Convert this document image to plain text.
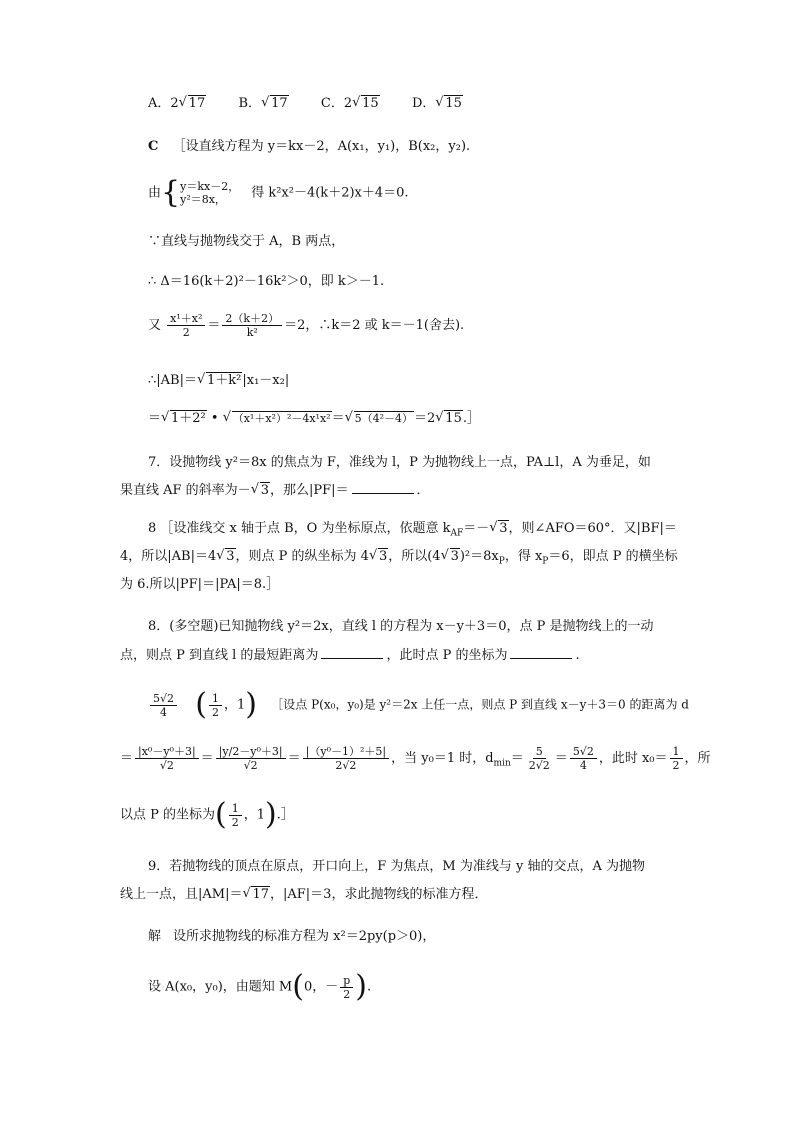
A．2√ 17	B．√ 17	C．2√ 15	D．√ 15
C ［设直线方程为 y＝kx－2，A(x₁，y₁)，B(x₂，y₂).
由{ y＝kx－2，
y²＝8x，	得 k²x²－4(k＋2)x＋4＝0.
∵直线与抛物线交于 A，B 两点，
∴ Δ＝16(k＋2)²－16k²＞0，即 k＞－1.
又 $\frac{\text{x¹＋x²}}{2} = \frac{2(k+2)}{\text{k²}} =2$，∴k＝2 或 k＝－1(舍去).
∴|AB|＝√ 1＋k²|x₁－x₂|
＝√ 1＋2² • √ （x¹＋x²）²－4x¹x²＝√ 5（4²－4）＝2√ 15.］
7．设抛物线 y²＝8x 的焦点为 F，准线为 l，P 为抛物线上一点，PA⊥l，A 为垂足，如
果直线 AF 的斜率为－√ 3，那么|PF|＝	．
8 ［设准线交 x 轴于点 B，O 为坐标原点，依题意 $k_{AF}=-√$ 3，则∠AFO＝60°．又|BF|＝
4，所以|AB|＝4√ 3，则点 P 的纵坐标为 4√ 3，所以(4√ $3)^2=8x_P$，得 $x_P=6$，即点 P 的横坐标
为 6.所以|PF|＝|PA|＝8.］
8．(多空题)已知抛物线 y²＝2x，直线 l 的方程为 x－y＋3＝0，点 P 是抛物线上的一动
点，则点 P 到直线 l 的最短距离为	，此时点 P 的坐标为	.
$\frac{5√2}{4}$ ( $\frac{1}{2}$ ，1) ［设点 P(x₀，y₀)是 y²＝2x 上任一点，则点 P 到直线 x－y＋3＝0 的距离为 d
＝ $\frac{\text{|x⁰－y⁰＋3|}}{√2} = \frac{\text{|y/2－y⁰＋3|}}{√2} = \frac{\text{|（y⁰－1）²＋5|}}{2√2}$ ，当 y₀＝1 时，$d_{min}= \frac{5}{2√2} = \frac{5√2}{4}$ ，此时 $x_0= \frac{1}{2}$ ，所
以点 P 的坐标为( $\frac{1}{2}$ ，1).］
9．若抛物线的顶点在原点，开口向上，F 为焦点，M 为准线与 y 轴的交点，A 为抛物
线上一点，且|AM|＝√ 17，|AF|＝3，求此抛物线的标准方程．
解 设所求抛物线的标准方程为 x²＝2py(p＞0)，
设 A(x₀，y₀)，由题知 M(0，－ $\frac{p}{2}$ ).
